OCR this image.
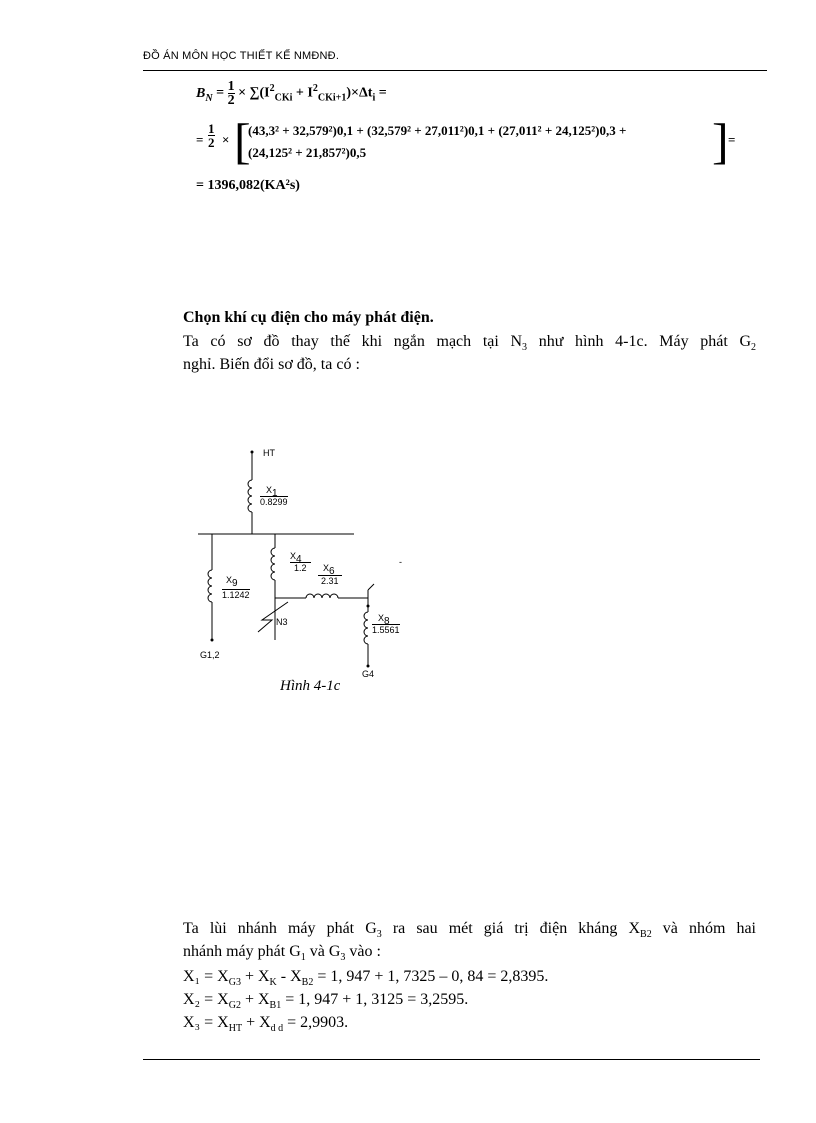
ĐỒ ÁN MÔN HỌC THIẾT KẾ NMĐNĐ.
$B_N = \frac{1}{2} \times \sum(I^2_{CKi} + I^2_{CKi+1})\times\Delta t_i$ =
= $\frac{1}{2}$ × [
(43,3² + 32,579²)0,1 + (32,579² + 27,011²)0,1 + (27,011² + 24,125²)0,3 +
(24,125² + 21,857²)0,5	] =
= 1396,082(KA²s)
Chọn khí cụ điện cho máy phát điện.
Ta có sơ đồ thay thế khi ngắn mạch tại $N_3$ như hình 4-1c. Máy phát $G_2$
nghỉ. Biến đổi sơ đồ, ta có :
HT
$X_1$
0.8299
$X_4$
1.2	$X_6$
2.31
$X_9$
1.1242
$X_8$
1.5561
N3
G1,2
G4
-
Hình 4-1c
Ta lùi nhánh máy phát $G_3$ ra sau mét giá trị điện kháng $X_{B2}$ và nhóm hai
nhánh máy phát $G_1$ và $G_3$ vào :
$X_1 = X_{G3} + X_K - X_{B2} = 1$, 947 + 1, 7325 – 0, 84 = 2,8395.
$X_2 = X_{G2} + X_{B1} = 1$, 947 + 1, 3125 = 3,2595.
$X_3 = X_{HT} + X_{d d} = 2,9903$.
